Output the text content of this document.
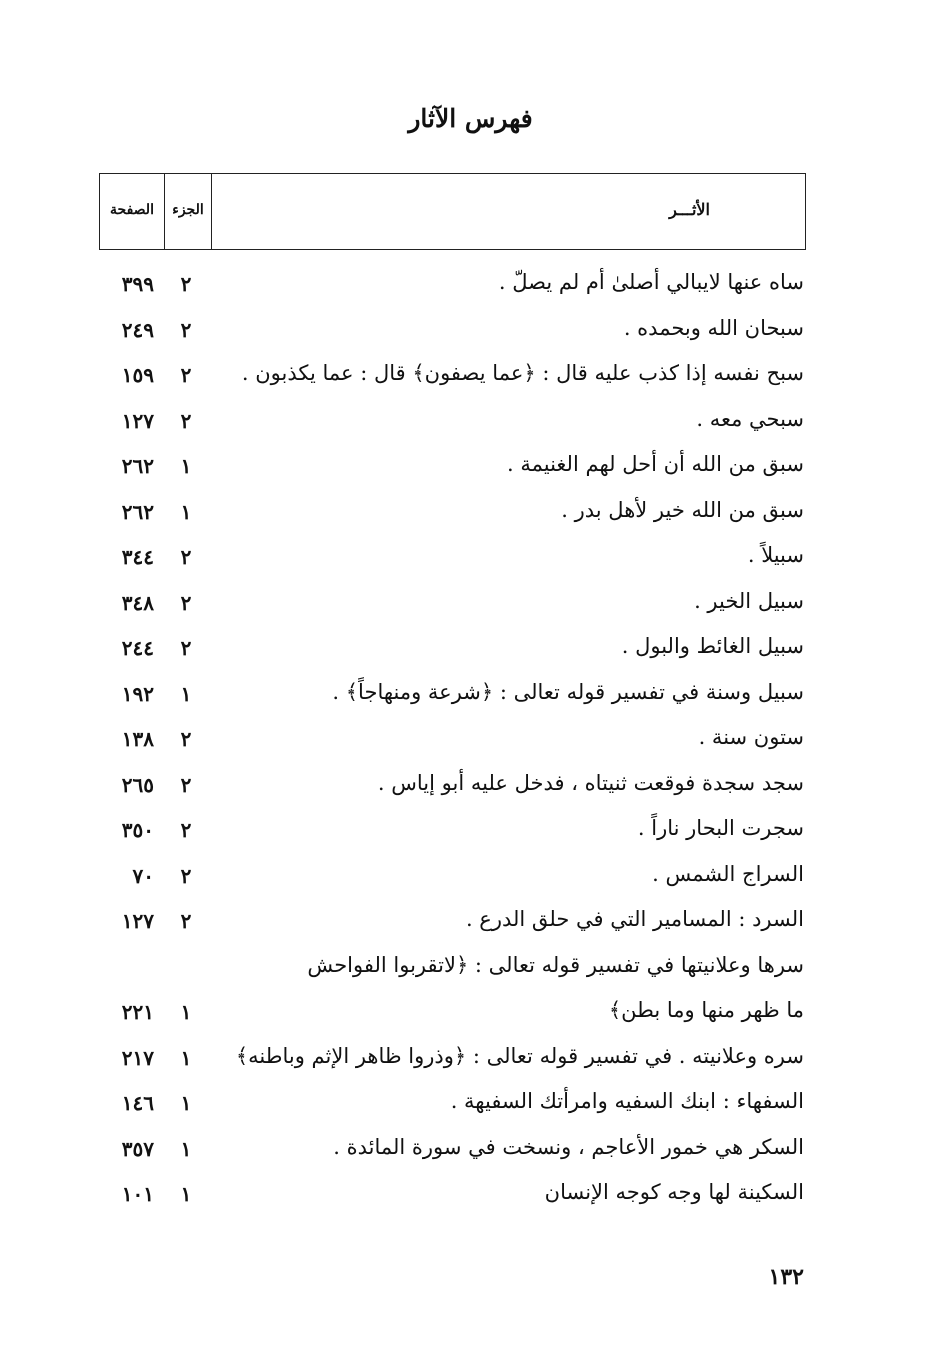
فهرس الآثار
الصفحة	الجزء	الأثـــر
ساه عنها لايبالي أصلىٰ أم لم يصلّ .
٢
٣٩٩
سبحان الله وبحمده .
٢
٢٤٩
سبح نفسه إذا كذب عليه قال : ﴿عما يصفون﴾ قال : عما يكذبون .
٢
١٥٩
سبحي معه .
٢
١٢٧
سبق من الله أن أحل لهم الغنيمة .
١
٢٦٢
سبق من الله خير لأهل بدر .
١
٢٦٢
سبيلاً .
٢
٣٤٤
سبيل الخير .
٢
٣٤٨
سبيل الغائط والبول .
٢
٢٤٤
سبيل وسنة في تفسير قوله تعالى : ﴿شرعة ومنهاجاً﴾ .
١
١٩٢
ستون سنة .
٢
١٣٨
سجد سجدة فوقعت ثنيتاه ، فدخل عليه أبو إياس .
٢
٢٦٥
سجرت البحار ناراً .
٢
٣٥٠
السراج الشمس .
٢
٧٠
السرد : المسامير التي في حلق الدرع .
٢
١٢٧
سرها وعلانيتها في تفسير قوله تعالى : ﴿لاتقربوا الفواحش
ما ظهر منها وما بطن﴾
١
٢٢١
سره وعلانيته . في تفسير قوله تعالى : ﴿وذروا ظاهر الإثم وباطنه﴾
١
٢١٧
السفهاء : ابنك السفيه وامرأتك السفيهة .
١
١٤٦
السكر هي خمور الأعاجم ، ونسخت في سورة المائدة .
١
٣٥٧
السكينة لها وجه كوجه الإنسان
١
١٠١
١٣٢
